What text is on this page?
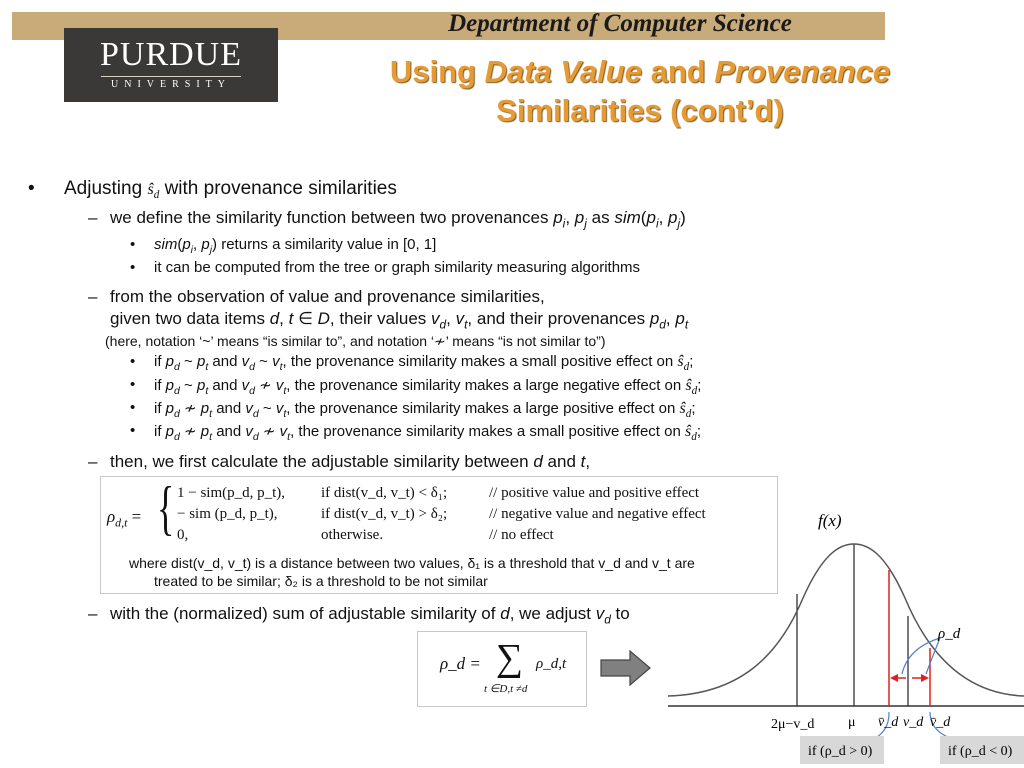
Department of Computer Science
PURDUE
UNIVERSITY	Using Data Value and Provenance
Similarities (cont’d)
• Adjusting $ŝ_d$ with provenance similarities
– we define the similarity function between two provenances $p_i$, $p_j$ as $sim(p_i$, $p_j$)
• $sim(p_i$, $p_j$) returns a similarity value in [0, 1]
• it can be computed from the tree or graph similarity measuring algorithms
– from the observation of value and provenance similarities,
given two data items d, t ∈ D, their values $v_d$, $v_t$, and their provenances $p_d$, $p_t$
(here, notation ‘~’ means “is similar to”, and notation ‘≁’ means “is not similar to”)
• if $p_d$ ~ $p_t$ and $v_d$ ~ $v_t$, the provenance similarity makes a small positive effect on $ŝ_d$;
• if $p_d$ ~ $p_t$ and $v_d$ ≁ $v_t$, the provenance similarity makes a large negative effect on $ŝ_d$;
• if $p_d$ ≁ $p_t$ and $v_d$ ~ $v_t$, the provenance similarity makes a large positive effect on $ŝ_d$;
• if $p_d$ ≁ $p_t$ and $v_d$ ≁ $v_t$, the provenance similarity makes a small positive effect on $ŝ_d$;
– then, we first calculate the adjustable similarity between d and t,
$\rho_{d,t}$ = { 1 − sim(p_d, p_t), if dist(v_d, v_t) < δ₁;	// positive value and positive effect
− sim (p_d, p_t),	if dist(v_d, v_t) > δ₂;	// negative value and negative effect
0,	otherwise.	// no effect
where dist(v_d, v_t) is a distance between two values, δ₁ is a threshold that v_d and v_t are
treated to be similar; δ₂ is a threshold to be not similar
– with the (normalized) sum of adjustable similarity of d, we adjust $v_d$ to
ρ_d = ∑
t ∈D,t ≠d
ρ_d,t
f(x)
ρ_d
2μ−v_d μ v̄_d v_d v̄_d
if (ρ_d > 0)	if (ρ_d < 0)
